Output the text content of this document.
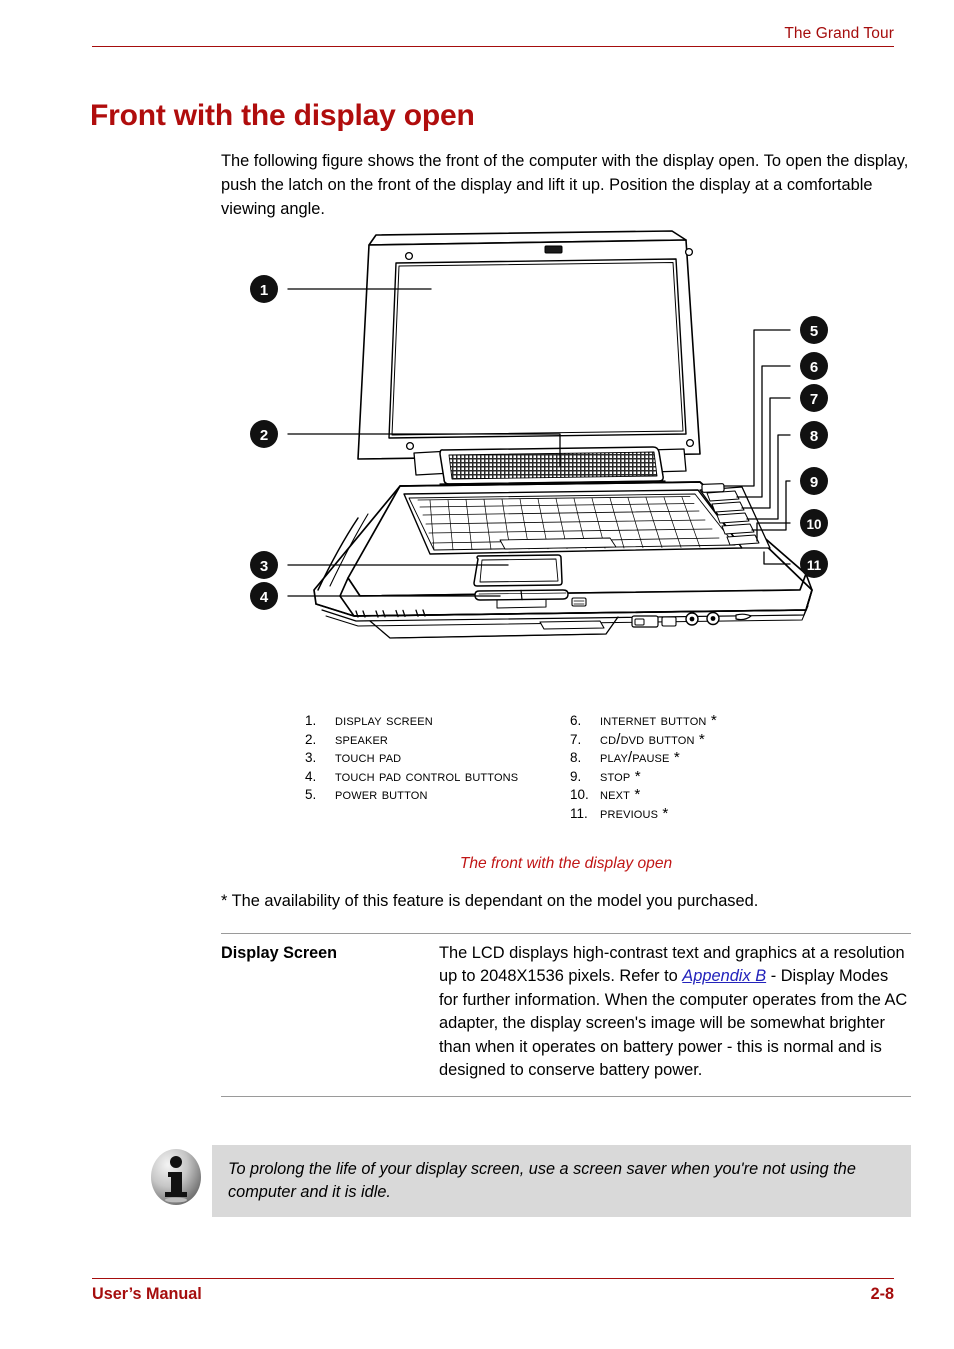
The Grand Tour
Front with the display open

The following figure shows the front of the computer with the display open. To open the display, push the latch on the front of the display and lift it up. Position the display at a comfortable viewing angle.

1
2
3
4
5
6
7
8
9
10
11
1.	display screen
2.	speaker
3.	touch pad
4.	touch pad control buttons
5.	power button
6.	internet button *
7.	cd/dvd button *
8.	play/pause *
9.	stop *
10. next *
11. previous *
The front with the display open
* The availability of this feature is dependant on the model you purchased.
Display Screen	The LCD displays high-contrast text and graphics at a resolution up to 2048X1536 pixels. Refer to Appendix B - Display Modes for further information. When the computer operates from the AC adapter, the display screen's image will be somewhat brighter than when it operates on battery power - this is normal and is designed to conserve battery power.
To prolong the life of your display screen, use a screen saver when you're not using the computer and it is idle.
User’s Manual	2-8
